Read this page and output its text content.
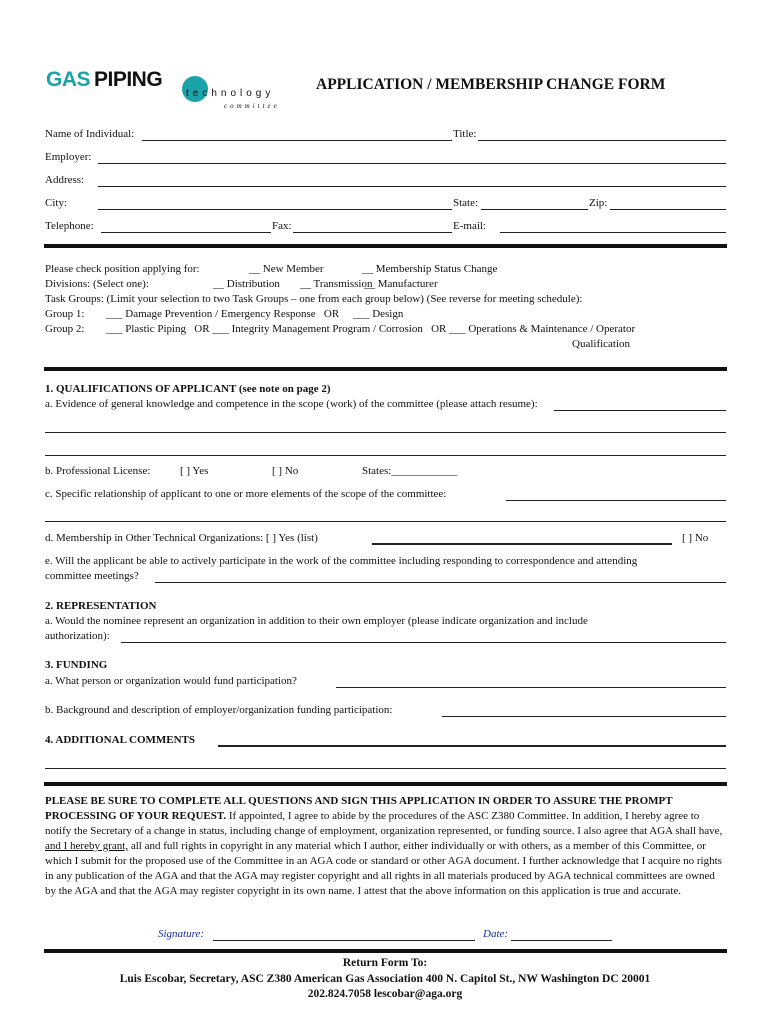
GAS PIPING
technology
committee
APPLICATION / MEMBERSHIP CHANGE FORM
Name of Individual:	Title:
Employer:
Address:
City:	State:	Zip:
Telephone:	Fax:	E-mail:
Please check position applying for:	__ New Member	__ Membership Status Change
Divisions: (Select one):	__ Distribution __ Transmission
__ Manufacturer
Task Groups: (Limit your selection to two Task Groups – one from each group below) (See reverse for meeting schedule):
Group 1: ___ Damage Prevention / Emergency Response   OR     ___ Design
Group 2: ___ Plastic Piping   OR ___ Integrity Management Program / Corrosion   OR ___ Operations & Maintenance / Operator
Qualification
1. QUALIFICATIONS OF APPLICANT (see note on page 2)
a. Evidence of general knowledge and competence in the scope (work) of the committee (please attach resume):
b. Professional License:	[ ] Yes	[ ] No	States:____________
c. Specific relationship of applicant to one or more elements of the scope of the committee:
d. Membership in Other Technical Organizations: [ ] Yes (list)	[ ] No
e. Will the applicant be able to actively participate in the work of the committee including responding to correspondence and attending
committee meetings?
2. REPRESENTATION
a. Would the nominee represent an organization in addition to their own employer (please indicate organization and include
authorization):
3. FUNDING
a. What person or organization would fund participation?
b. Background and description of employer/organization funding participation:
4. ADDITIONAL COMMENTS
PLEASE BE SURE TO COMPLETE ALL QUESTIONS AND SIGN THIS APPLICATION IN ORDER TO ASSURE THE PROMPT PROCESSING OF YOUR REQUEST. If appointed, I agree to abide by the procedures of the ASC Z380 Committee. In addition, I hereby agree to notify the Secretary of a change in status, including change of employment, organization represented, or funding source. I also agree that AGA shall have, and I hereby grant, all and full rights in copyright in any material which I author, either individually or with others, as a member of this Committee, or which I submit for the proposed use of the Committee in an AGA code or standard or other AGA document. I further acknowledge that I acquire no rights in any publication of the AGA and that the AGA may register copyright and all rights in all materials produced by AGA technical committees are owned by the AGA and that the AGA may register copyright in its own name. I attest that the above information on this application is true and accurate.
Signature:	Date:
Return Form To:
Luis Escobar, Secretary, ASC Z380 American Gas Association 400 N. Capitol St., NW Washington DC 20001
202.824.7058 lescobar@aga.org
